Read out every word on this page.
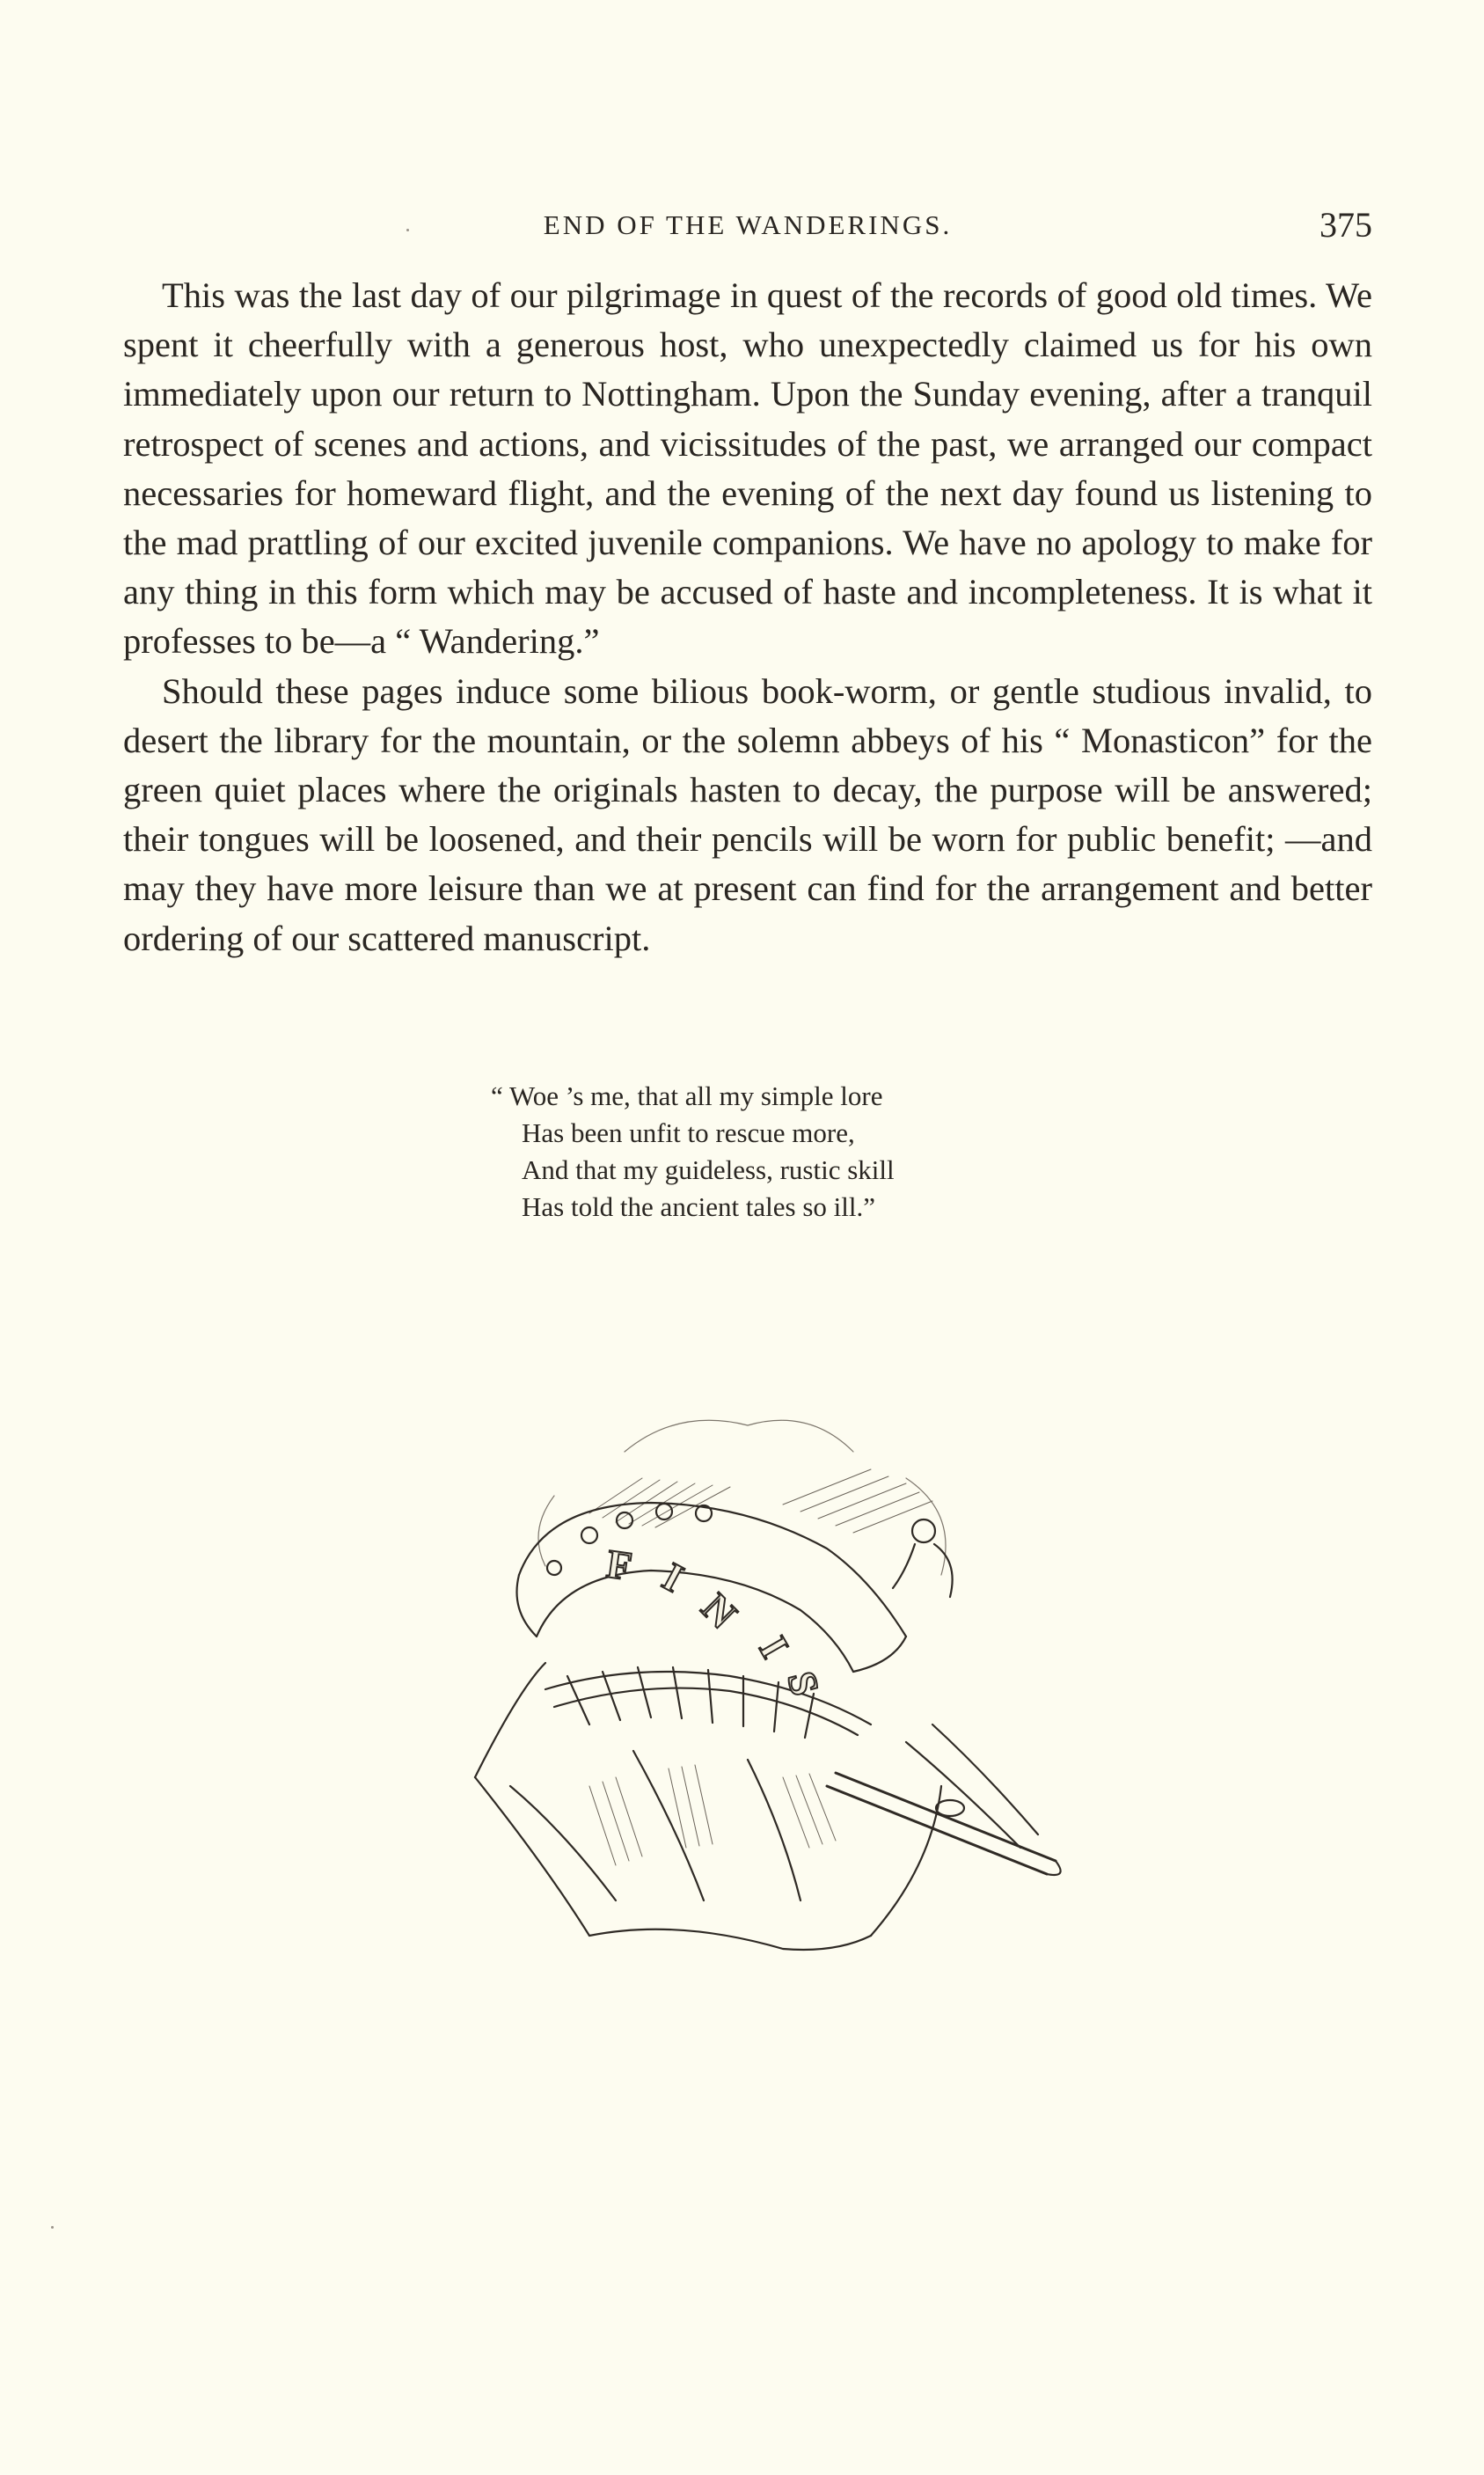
END OF THE WANDERINGS.	375

This was the last day of our pilgrimage in quest of the records of good old times. We spent it cheerfully with a generous host, who unexpectedly claimed us for his own immediately upon our return to Nottingham. Upon the Sunday evening, after a tranquil retrospect of scenes and actions, and vicissitudes of the past, we arranged our compact necessaries for homeward flight, and the evening of the next day found us listening to the mad prattling of our excited juvenile companions. We have no apology to make for any thing in this form which may be accused of haste and incompleteness. It is what it professes to be—a “ Wandering.”

Should these pages induce some bilious book-worm, or gentle studious invalid, to desert the library for the mountain, or the solemn abbeys of his “ Monasticon” for the green quiet places where the originals hasten to decay, the purpose will be answered; their tongues will be loosened, and their pencils will be worn for public benefit; —and may they have more leisure than we at present can find for the arrangement and better ordering of our scattered manuscript.

“ Woe ’s me, that all my simple lore
Has been unfit to rescue more,
And that my guideless, rustic skill
Has told the ancient tales so ill.”
F I
N
I
S
